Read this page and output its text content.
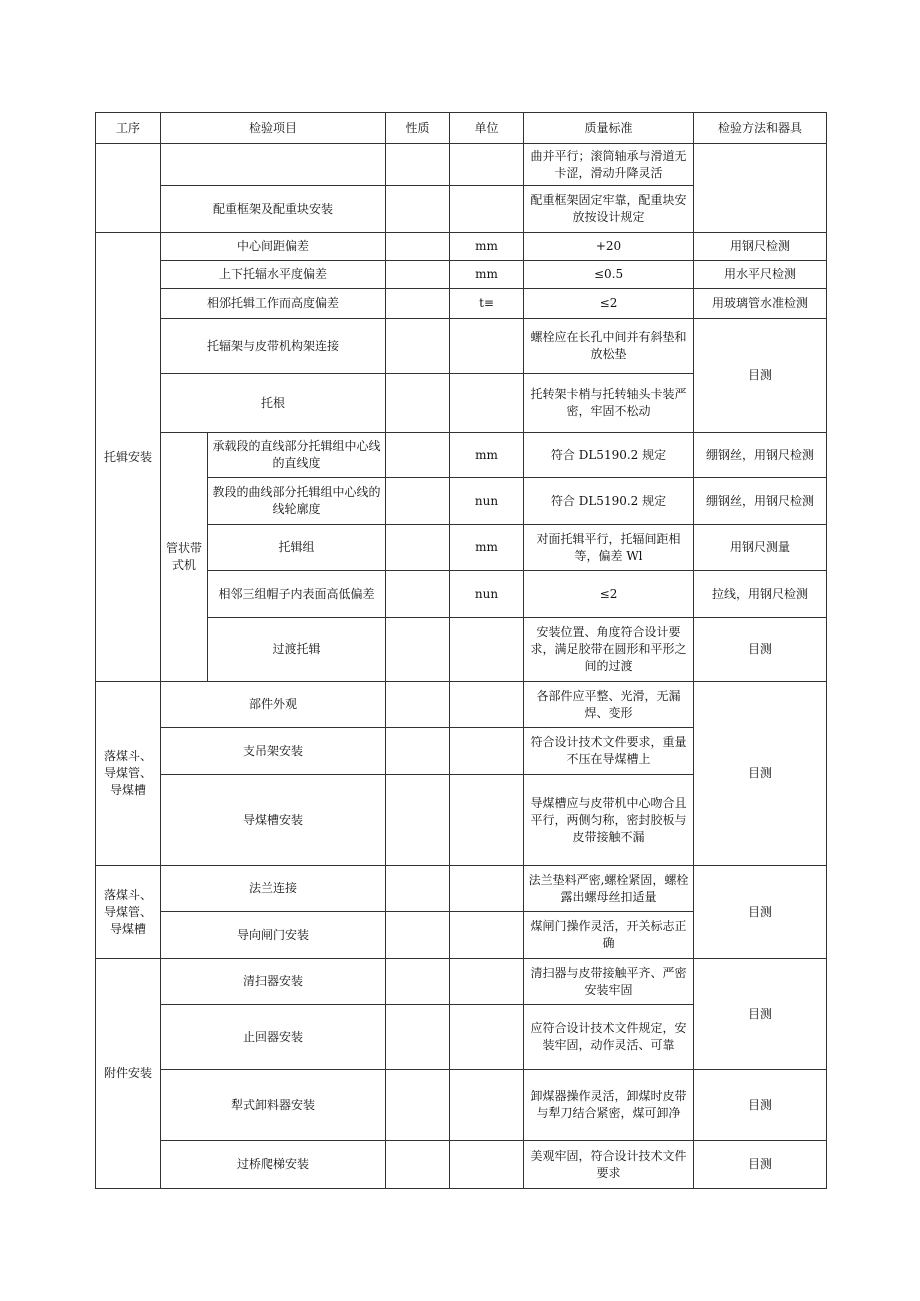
工序	检验项目		性质	单位	质量标准	检验方法和器具
					曲并平行；滚筒轴承与滑道无卡涩，滑动升降灵活	
	配重框架及配重块安装				配重框架固定牢靠，配重块安放按设计规定	
托辑安装	中心间距偏差			mm	+20	用钢尺检测
	上下托辐水平度偏差			mm	≤0.5	用水平尺检测
	相邠托辑工作而高度偏差			t≡	≤2	用玻璃管水准检测
	托辐架与皮带机构架连接				螺栓应在长孔中间并有斜垫和放松垫	目测
	托根				托转架卡梢与托转轴头卡装严密，牢固不松动	
	管状带式机	承载段的直线部分托辑组中心线的直线度		mm	符合 DL5190.2 规定	绷钢丝，用钢尺检测
		教段的曲线部分托辑组中心线的线轮廓度		nun	符合 DL5190.2 规定	绷钢丝，用钢尺检测
		托辑组		mm	对面托辑平行，托辐间距相等，偏差 Wl	用钢尺测量
		相邻三组帽子内表面高低偏差		nun	≤2	拉线，用钢尺检测
		过渡托辑			安装位置、角度符合设计要求，满足胶带在圆形和平形之间的过渡	目测
落煤斗、导煤管、导煤槽	部件外观				各部件应平整、光滑，无漏焊、变形	目测
	支吊架安装				符合设计技术文件要求，重量不压在导煤槽上	
	导煤槽安装				导煤槽应与皮带机中心吻合且平行，两侧匀称，密封胶板与皮带接触不漏	
落煤斗、导煤管、导煤槽	法兰连接				法兰垫料严密,螺栓紧固，螺栓露出螺母丝扣适量	目测
	导向闸门安装				煤闸门操作灵活，开关标志正确	
附件安装	清扫器安装				清扫器与皮带接触平齐、严密安装牢固	目测
	止回器安装				应符合设计技术文件规定，安装牢固，动作灵活、可靠	
	犁式卸料器安装				卸煤器操作灵活，卸煤时皮带与犁刀结合紧密，煤可卸净	目测
	过桥爬梯安装				美观牢固，符合设计技术文件要求	目测
